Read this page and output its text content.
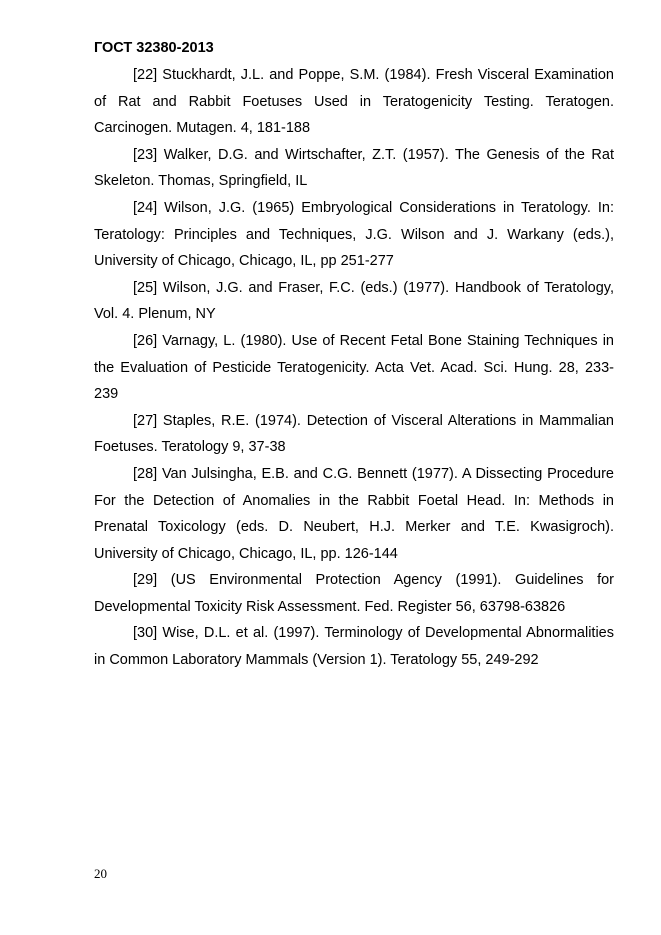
ГОСТ 32380-2013

[22] Stuckhardt, J.L. and Poppe, S.M. (1984). Fresh Visceral Examination of Rat and Rabbit Foetuses Used in Teratogenicity Testing. Teratogen. Carcinogen. Mutagen. 4, 181-188

[23] Walker, D.G. and Wirtschafter, Z.T. (1957). The Genesis of the Rat Skeleton. Thomas, Springfield, IL

[24] Wilson, J.G. (1965) Embryological Considerations in Teratology. In: Teratology: Principles and Techniques, J.G. Wilson and J. Warkany (eds.), University of Chicago, Chicago, IL, pp 251-277

[25] Wilson, J.G. and Fraser, F.C. (eds.) (1977). Handbook of Teratology, Vol. 4. Plenum, NY

[26] Varnagy, L. (1980). Use of Recent Fetal Bone Staining Techniques in the Evaluation of Pesticide Teratogenicity. Acta Vet. Acad. Sci. Hung. 28, 233-239

[27] Staples, R.E. (1974). Detection of Visceral Alterations in Mammalian Foetuses. Teratology 9, 37-38

[28] Van Julsingha, E.B. and C.G. Bennett (1977). A Dissecting Procedure For the Detection of Anomalies in the Rabbit Foetal Head. In: Methods in Prenatal Toxicology (eds. D. Neubert, H.J. Merker and T.E. Kwasigroch). University of Chicago, Chicago, IL, pp. 126-144

[29] (US Environmental Protection Agency (1991). Guidelines for Developmental Toxicity Risk Assessment. Fed. Register 56, 63798-63826

[30] Wise, D.L. et al. (1997). Terminology of Developmental Abnormalities in Common Laboratory Mammals (Version 1). Teratology 55, 249-292

20
